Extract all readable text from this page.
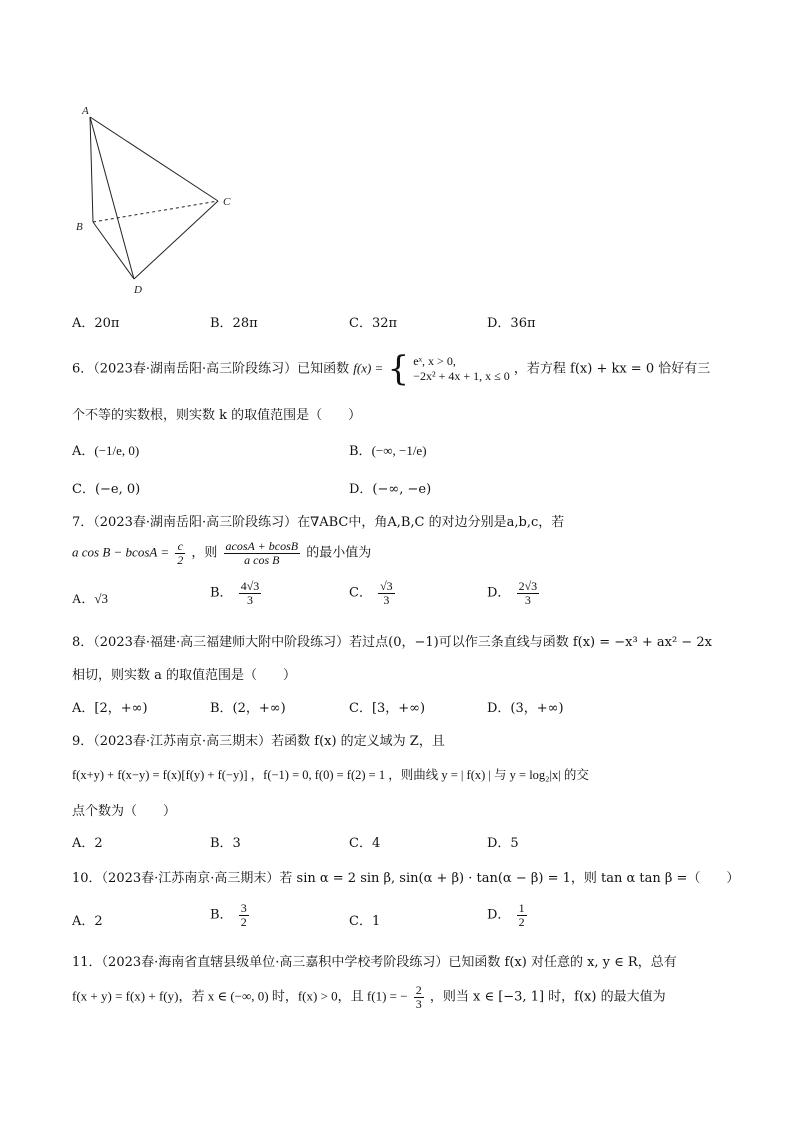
A
B
C
D
A．20π	B．28π	C．32π	D．36π
6．（2023春·湖南岳阳·高三阶段练习）已知函数 f(x) = { eˣ, x > 0,
−2x² + 4x + 1, x ≤ 0 ，若方程 f(x) + kx = 0 恰好有三
个不等的实数根，则实数 k 的取值范围是（　　）
A．(−1/e, 0)	B．(−∞, −1/e)
C．(−e, 0)	D．(−∞, −e)
7．（2023春·湖南岳阳·高三阶段练习）在∇ABC中，角A,B,C 的对边分别是a,b,c，若
a $\cos B - bcosA = \frac{c}{2}$ ，则 $\frac{acosA + bcosB}{\text{a cos B}}$ 的最小值为
A．√3	B． $\frac{4√3}{3}$	C． $\frac{√3}{3}$	D． $\frac{2√3}{3}$
8．（2023春·福建·高三福建师大附中阶段练习）若过点(0，−1)可以作三条直线与函数 f(x) = −x³ + ax² − 2x
相切，则实数 a 的取值范围是（　　）
A．[2，+∞)	B．(2，+∞)	C．[3，+∞)	D．(3，+∞)
9．（2023春·江苏南京·高三期末）若函数 f(x) 的定义域为 Z，且
f(x+y) + f(x−y) = f(x)[f(y) + f(−y)] ，f(−1) = 0, f(0) = f(2) = 1 ，则曲线 y = | f(x) | 与 y = log₂|x| 的交
点个数为（　　）
A．2	B．3	C．4	D．5
10．（2023春·江苏南京·高三期末）若 sin α = 2 sin β, sin(α + β) · tan(α − β) = 1，则 tan α tan β =（　　）
A．2	B． $\frac{3}{2}$	C．1	D． $\frac{1}{2}$
11．（2023春·海南省直辖县级单位·高三嘉积中学校考阶段练习）已知函数 f(x) 对任意的 x, y ∈ R，总有
f(x + y) = f(x) + f(y)，若 x ∈ (−∞, 0) 时，f(x) > 0，且 f(1) = − $\frac{2}{3}$ ，则当 x ∈ [−3, 1] 时，f(x) 的最大值为
